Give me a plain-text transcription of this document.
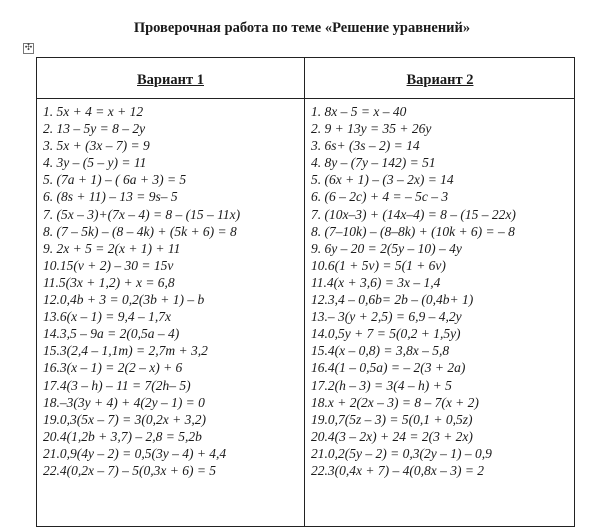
Проверочная работа по теме «Решение уравнений»
✣
Вариант 1
1. 5x + 4 = x + 12
2. 13 – 5y = 8 – 2y
3. 5x + (3x – 7) = 9
4. 3y – (5 – y) = 11
5. (7a + 1) – ( 6a + 3) = 5
6. (8s + 11) – 13 = 9s– 5
7. (5x – 3)+(7x – 4) = 8 – (15 – 11x)
8. (7 – 5k) – (8 – 4k) + (5k + 6) = 8
9. 2x + 5 = 2(x + 1) + 11
10.15(v + 2) – 30 = 15v
11.5(3x + 1,2) + x = 6,8
12.0,4b + 3 = 0,2(3b + 1) – b
13.6(x – 1) = 9,4 – 1,7x
14.3,5 – 9a = 2(0,5a – 4)
15.3(2,4 – 1,1m) = 2,7m + 3,2
16.3(x – 1) = 2(2 – x) + 6
17.4(3 – h) – 11 = 7(2h– 5)
18.–3(3y + 4) + 4(2y – 1) = 0
19.0,3(5x – 7) = 3(0,2x + 3,2)
20.4(1,2b + 3,7) – 2,8 = 5,2b
21.0,9(4y – 2) = 0,5(3y – 4) + 4,4
22.4(0,2x – 7) – 5(0,3x + 6) = 5
Вариант 2
1. 8x – 5 = x – 40
2. 9 + 13y = 35 + 26y
3. 6s+ (3s – 2) = 14
4. 8y – (7y – 142) = 51
5. (6x + 1) – (3 – 2x) = 14
6. (6 – 2c) + 4 = – 5c – 3
7. (10x–3) + (14x–4) = 8 – (15 – 22x)
8. (7–10k) – (8–8k) + (10k + 6) = – 8
9. 6y – 20 = 2(5y – 10) – 4y
10.6(1 + 5v) = 5(1 + 6v)
11.4(x + 3,6) = 3x – 1,4
12.3,4 – 0,6b= 2b – (0,4b+ 1)
13.– 3(y + 2,5) = 6,9 – 4,2y
14.0,5y + 7 = 5(0,2 + 1,5y)
15.4(x – 0,8) = 3,8x – 5,8
16.4(1 – 0,5a) = – 2(3 + 2a)
17.2(h – 3) = 3(4 – h) + 5
18.x + 2(2x – 3) = 8 – 7(x + 2)
19.0,7(5z – 3) = 5(0,1 + 0,5z)
20.4(3 – 2x) + 24 = 2(3 + 2x)
21.0,2(5y – 2) = 0,3(2y – 1) – 0,9
22.3(0,4x + 7) – 4(0,8x – 3) = 2
